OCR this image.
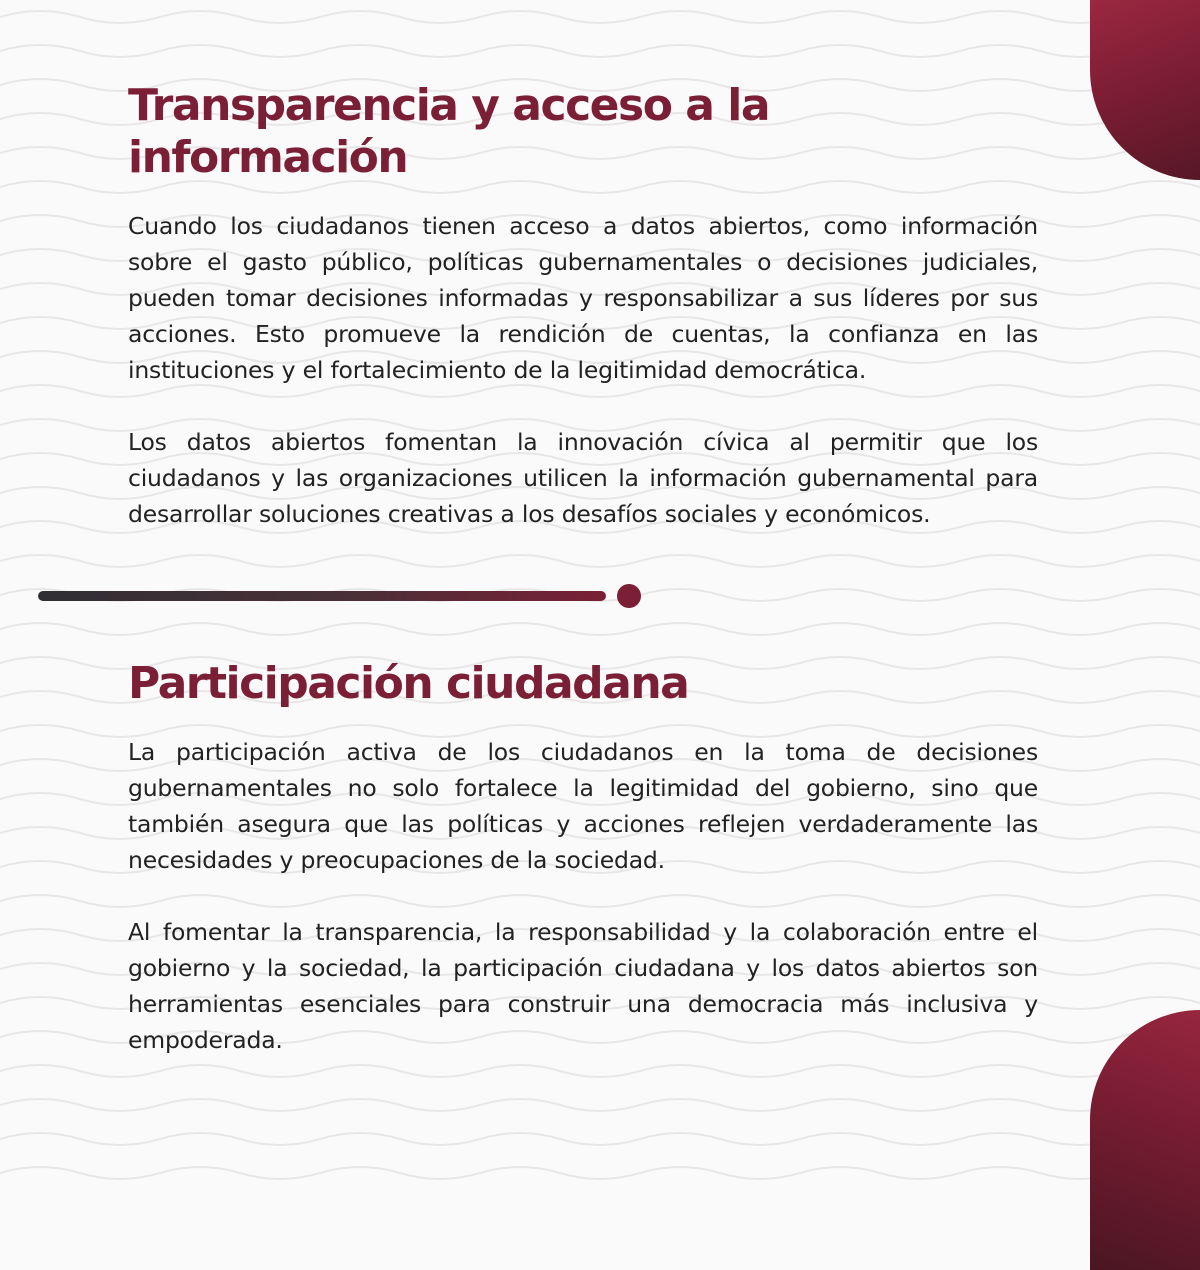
Transparencia y acceso a la información

Cuando los ciudadanos tienen acceso a datos abiertos, como información sobre el gasto público, políticas gubernamentales o decisiones judiciales, pueden tomar decisiones informadas y responsabilizar a sus líderes por sus acciones. Esto promueve la rendición de cuentas, la confianza en las instituciones y el fortalecimiento de la legitimidad democrática.

Los datos abiertos fomentan la innovación cívica al permitir que los ciudadanos y las organizaciones utilicen la información gubernamental para desarrollar soluciones creativas a los desafíos sociales y económicos.

Participación ciudadana

La participación activa de los ciudadanos en la toma de decisiones gubernamentales no solo fortalece la legitimidad del gobierno, sino que también asegura que las políticas y acciones reflejen verdaderamente las necesidades y preocupaciones de la sociedad.

Al fomentar la transparencia, la responsabilidad y la colaboración entre el gobierno y la sociedad, la participación ciudadana y los datos abiertos son herramientas esenciales para construir una democracia más inclusiva y empoderada.
